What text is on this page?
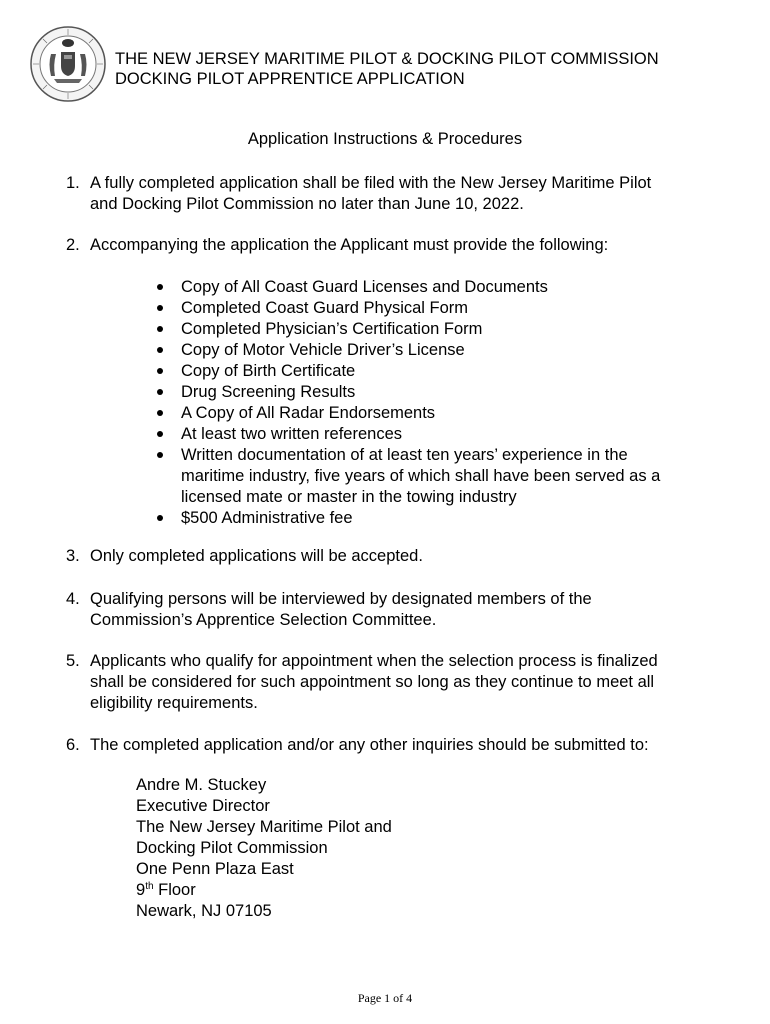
THE NEW JERSEY MARITIME PILOT & DOCKING PILOT COMMISSION
DOCKING PILOT APPRENTICE APPLICATION
Application Instructions & Procedures
1. A fully completed application shall be filed with the New Jersey Maritime Pilot
and Docking Pilot Commission no later than June 10, 2022.
2. Accompanying the application the Applicant must provide the following:
Copy of All Coast Guard Licenses and Documents
Completed Coast Guard Physical Form
Completed Physician’s Certification Form
Copy of Motor Vehicle Driver’s License
Copy of Birth Certificate
Drug Screening Results
A Copy of All Radar Endorsements
At least two written references
Written documentation of at least ten years’ experience in the
maritime industry, five years of which shall have been served as a
licensed mate or master in the towing industry
$500 Administrative fee
3. Only completed applications will be accepted.
4. Qualifying persons will be interviewed by designated members of the
Commission’s Apprentice Selection Committee.
5. Applicants who qualify for appointment when the selection process is finalized
shall be considered for such appointment so long as they continue to meet all
eligibility requirements.
6. The completed application and/or any other inquiries should be submitted to:
Andre M. Stuckey
Executive Director
The New Jersey Maritime Pilot and
Docking Pilot Commission
One Penn Plaza East
9th Floor
Newark, NJ 07105
Page 1 of 4
